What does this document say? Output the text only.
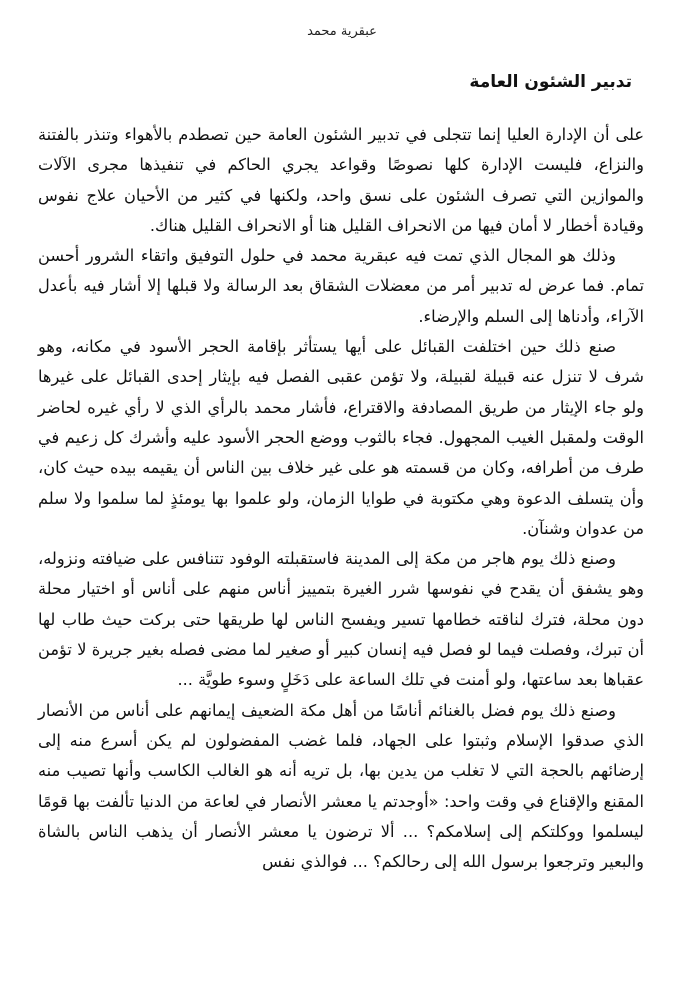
عبقرية محمد
تدبير الشئون العامة

على أن الإدارة العليا إنما تتجلى في تدبير الشئون العامة حين تصطدم بالأهواء وتنذر بالفتنة والنزاع، فليست الإدارة كلها نصوصًا وقواعد يجري الحاكم في تنفيذها مجرى الآلات والموازين التي تصرف الشئون على نسق واحد، ولكنها في كثير من الأحيان علاج نفوس وقيادة أخطار لا أمان فيها من الانحراف القليل هنا أو الانحراف القليل هناك.

وذلك هو المجال الذي تمت فيه عبقرية محمد في حلول التوفيق واتقاء الشرور أحسن تمام. فما عرض له تدبير أمر من معضلات الشقاق بعد الرسالة ولا قبلها إلا أشار فيه بأعدل الآراء، وأدناها إلى السلم والإرضاء.

صنع ذلك حين اختلفت القبائل على أيها يستأثر بإقامة الحجر الأسود في مكانه، وهو شرف لا تنزل عنه قبيلة لقبيلة، ولا تؤمن عقبى الفصل فيه بإيثار إحدى القبائل على غيرها ولو جاء الإيثار من طريق المصادفة والاقتراع، فأشار محمد بالرأي الذي لا رأي غيره لحاضر الوقت ولمقبل الغيب المجهول. فجاء بالثوب ووضع الحجر الأسود عليه وأشرك كل زعيم في طرف من أطرافه، وكان من قسمته هو على غير خلاف بين الناس أن يقيمه بيده حيث كان، وأن يتسلف الدعوة وهي مكتوبة في طوايا الزمان، ولو علموا بها يومئذٍ لما سلموا ولا سلم من عدوان وشنآن.

وصنع ذلك يوم هاجر من مكة إلى المدينة فاستقبلته الوفود تتنافس على ضيافته ونزوله، وهو يشفق أن يقدح في نفوسها شرر الغيرة بتمييز أناس منهم على أناس أو اختيار محلة دون محلة، فترك لناقته خطامها تسير ويفسح الناس لها طريقها حتى بركت حيث طاب لها أن تبرك، وفصلت فيما لو فصل فيه إنسان كبير أو صغير لما مضى فصله بغير جريرة لا تؤمن عقباها بعد ساعتها، ولو أمنت في تلك الساعة على دَخَلٍ وسوء طويَّة ...

وصنع ذلك يوم فضل بالغنائم أناسًا من أهل مكة الضعيف إيمانهم على أناس من الأنصار الذي صدقوا الإسلام وثبتوا على الجهاد، فلما غضب المفضولون لم يكن أسرع منه إلى إرضائهم بالحجة التي لا تغلب من يدين بها، بل تريه أنه هو الغالب الكاسب وأنها تصيب منه المقنع والإقناع في وقت واحد: «أوجدتم يا معشر الأنصار في لعاعة من الدنيا تألفت بها قومًا ليسلموا ووكلتكم إلى إسلامكم؟ ... ألا ترضون يا معشر الأنصار أن يذهب الناس بالشاة والبعير وترجعوا برسول الله إلى رحالكم؟ ... فوالذي نفس
